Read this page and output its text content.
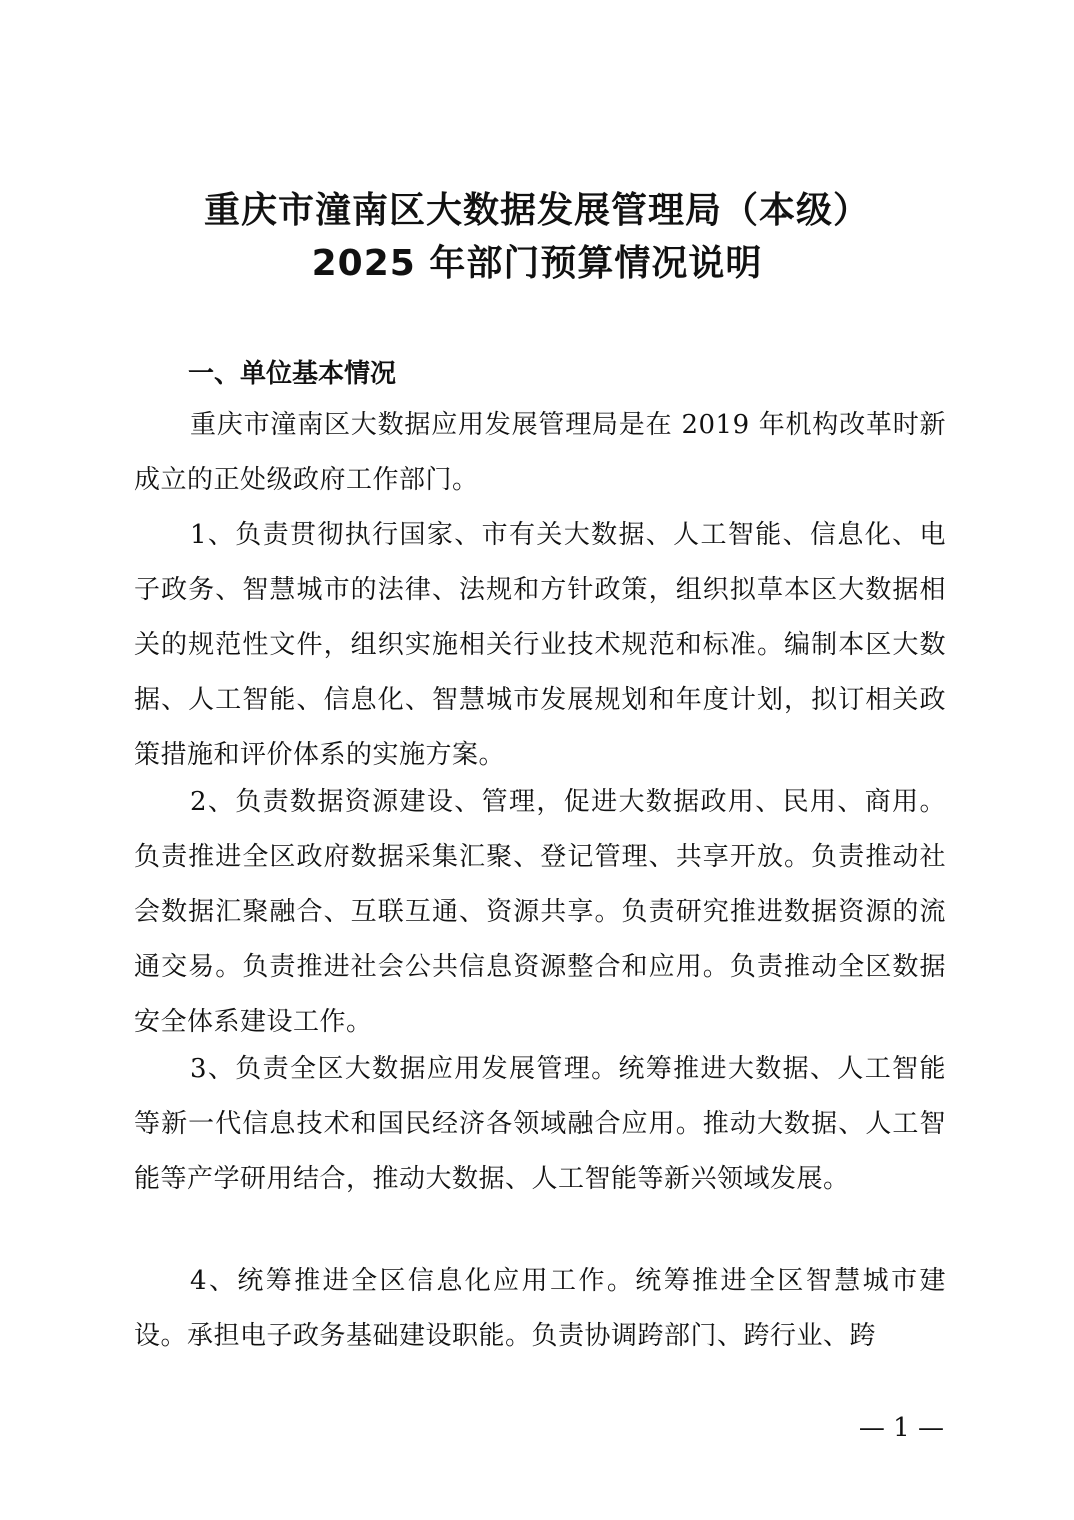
重庆市潼南区大数据发展管理局（本级）
2025 年部门预算情况说明
一、单位基本情况

重庆市潼南区大数据应用发展管理局是在 2019 年机构改革时新成立的正处级政府工作部门。

1、负责贯彻执行国家、市有关大数据、人工智能、信息化、电子政务、智慧城市的法律、法规和方针政策，组织拟草本区大数据相关的规范性文件，组织实施相关行业技术规范和标准。编制本区大数据、人工智能、信息化、智慧城市发展规划和年度计划，拟订相关政策措施和评价体系的实施方案。

2、负责数据资源建设、管理，促进大数据政用、民用、商用。负责推进全区政府数据采集汇聚、登记管理、共享开放。负责推动社会数据汇聚融合、互联互通、资源共享。负责研究推进数据资源的流通交易。负责推进社会公共信息资源整合和应用。负责推动全区数据安全体系建设工作。

3、负责全区大数据应用发展管理。统筹推进大数据、人工智能等新一代信息技术和国民经济各领域融合应用。推动大数据、人工智能等产学研用结合，推动大数据、人工智能等新兴领域发展。

4、统筹推进全区信息化应用工作。统筹推进全区智慧城市建设。承担电子政务基础建设职能。负责协调跨部门、跨行业、跨

— 1 —
